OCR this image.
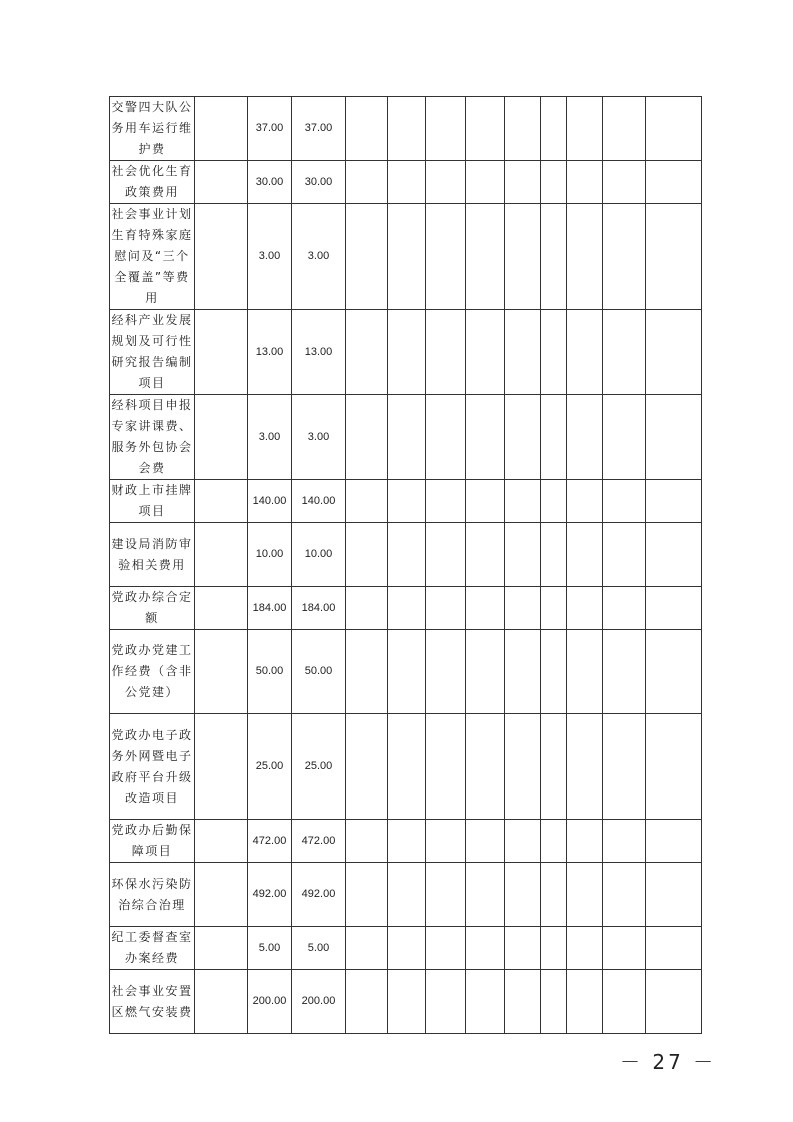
交警四大队公务用车运行维护费		37.00	37.00									
社会优化生育政策费用		30.00	30.00									
社会事业计划生育特殊家庭慰问及“三个全覆盖”等费用		3.00	3.00									
经科产业发展规划及可行性研究报告编制项目		13.00	13.00									
经科项目申报专家讲课费、服务外包协会会费		3.00	3.00									
财政上市挂牌项目		140.00	140.00									
建设局消防审验相关费用		10.00	10.00									
党政办综合定额		184.00	184.00									
党政办党建工作经费（含非公党建）		50.00	50.00									
党政办电子政务外网暨电子政府平台升级改造项目		25.00	25.00									
党政办后勤保障项目		472.00	472.00									
环保水污染防治综合治理		492.00	492.00									
纪工委督查室办案经费		5.00	5.00									
社会事业安置区燃气安装费		200.00	200.00									
－ 27 －
